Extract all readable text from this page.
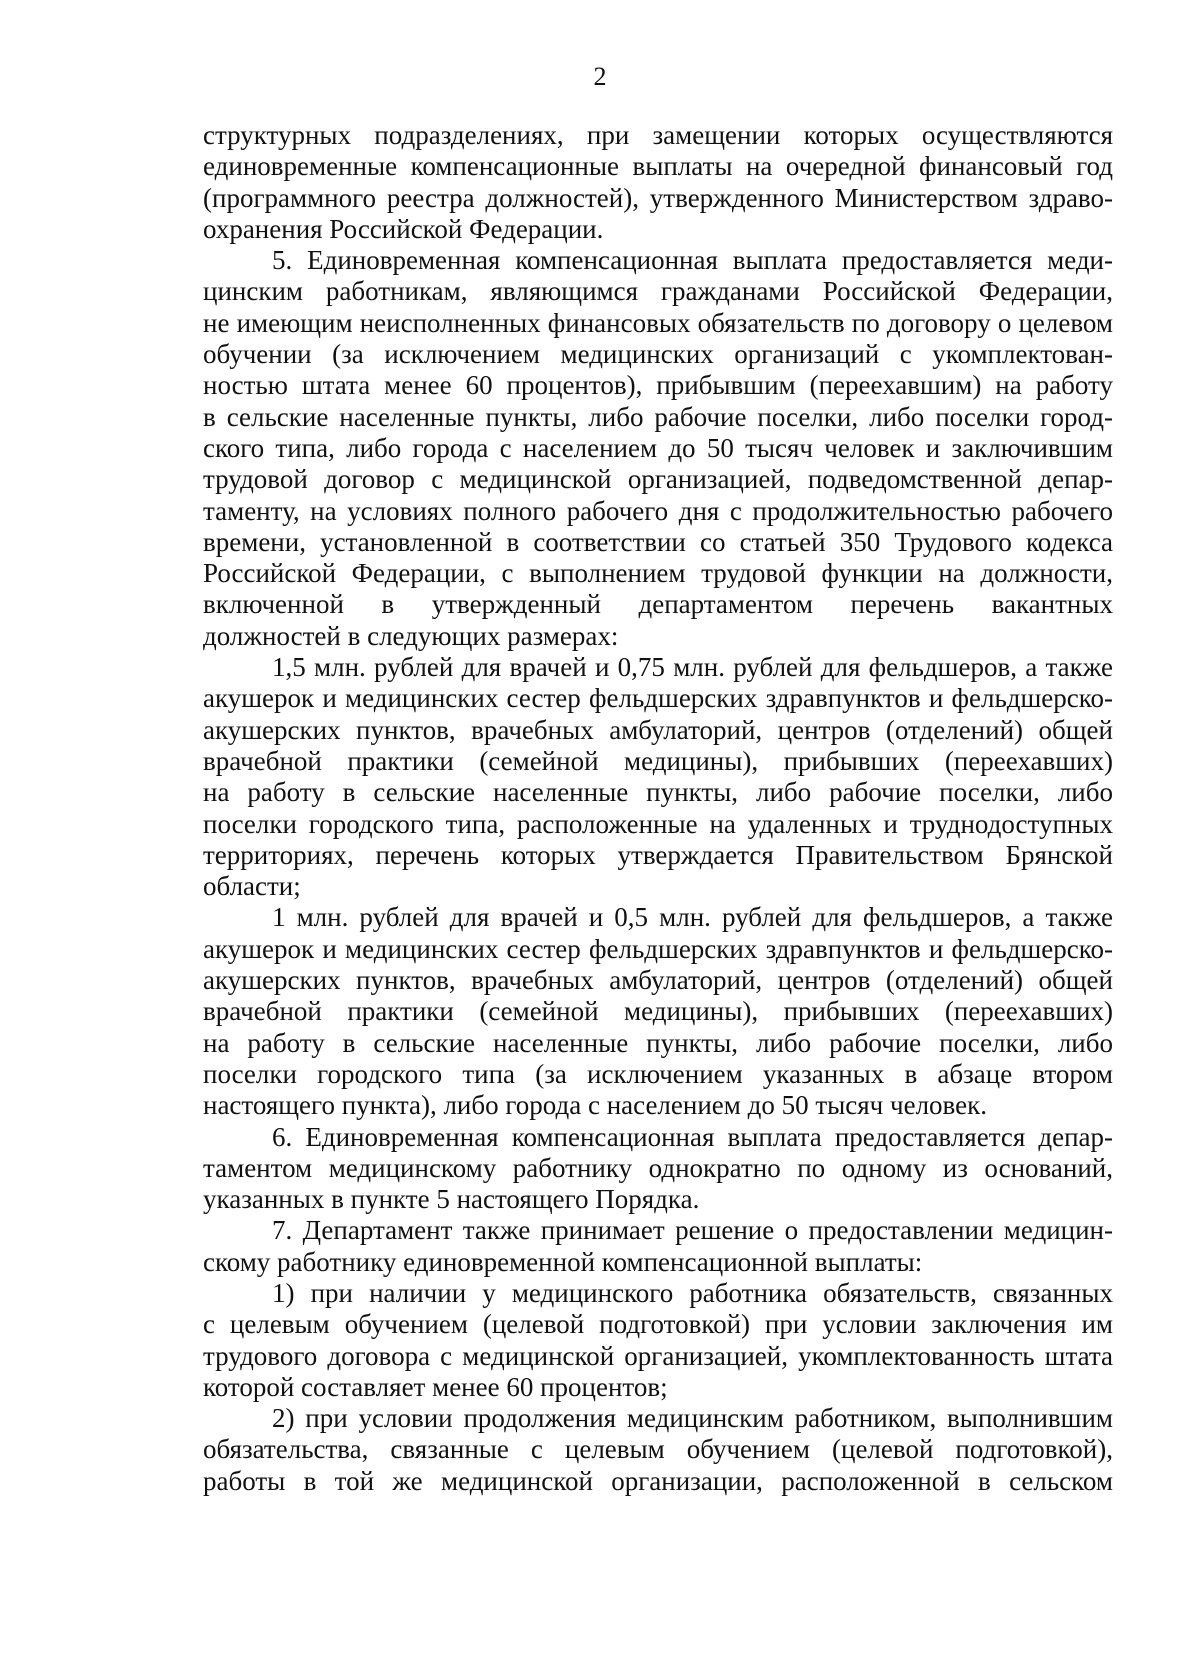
2
структурных подразделениях, при замещении которых осуществляются
единовременные компенсационные выплаты на очередной финансовый год
(программного реестра должностей), утвержденного Министерством здраво-
охранения Российской Федерации.
5. Единовременная компенсационная выплата предоставляется меди-
цинским работникам, являющимся гражданами Российской Федерации,
не имеющим неисполненных финансовых обязательств по договору о целевом
обучении (за исключением медицинских организаций с укомплектован-
ностью штата менее 60 процентов), прибывшим (переехавшим) на работу
в сельские населенные пункты, либо рабочие поселки, либо поселки город-
ского типа, либо города с населением до 50 тысяч человек и заключившим
трудовой договор с медицинской организацией, подведомственной депар-
таменту, на условиях полного рабочего дня с продолжительностью рабочего
времени, установленной в соответствии со статьей 350 Трудового кодекса
Российской Федерации, с выполнением трудовой функции на должности,
включенной в утвержденный департаментом перечень вакантных
должностей в следующих размерах:
1,5 млн. рублей для врачей и 0,75 млн. рублей для фельдшеров, а также
акушерок и медицинских сестер фельдшерских здравпунктов и фельдшерско-
акушерских пунктов, врачебных амбулаторий, центров (отделений) общей
врачебной практики (семейной медицины), прибывших (переехавших)
на работу в сельские населенные пункты, либо рабочие поселки, либо
поселки городского типа, расположенные на удаленных и труднодоступных
территориях, перечень которых утверждается Правительством Брянской
области;
1 млн. рублей для врачей и 0,5 млн. рублей для фельдшеров, а также
акушерок и медицинских сестер фельдшерских здравпунктов и фельдшерско-
акушерских пунктов, врачебных амбулаторий, центров (отделений) общей
врачебной практики (семейной медицины), прибывших (переехавших)
на работу в сельские населенные пункты, либо рабочие поселки, либо
поселки городского типа (за исключением указанных в абзаце втором
настоящего пункта), либо города с населением до 50 тысяч человек.
6. Единовременная компенсационная выплата предоставляется депар-
таментом медицинскому работнику однократно по одному из оснований,
указанных в пункте 5 настоящего Порядка.
7. Департамент также принимает решение о предоставлении медицин-
скому работнику единовременной компенсационной выплаты:
1) при наличии у медицинского работника обязательств, связанных
с целевым обучением (целевой подготовкой) при условии заключения им
трудового договора с медицинской организацией, укомплектованность штата
которой составляет менее 60 процентов;
2) при условии продолжения медицинским работником, выполнившим
обязательства, связанные с целевым обучением (целевой подготовкой),
работы в той же медицинской организации, расположенной в сельском
